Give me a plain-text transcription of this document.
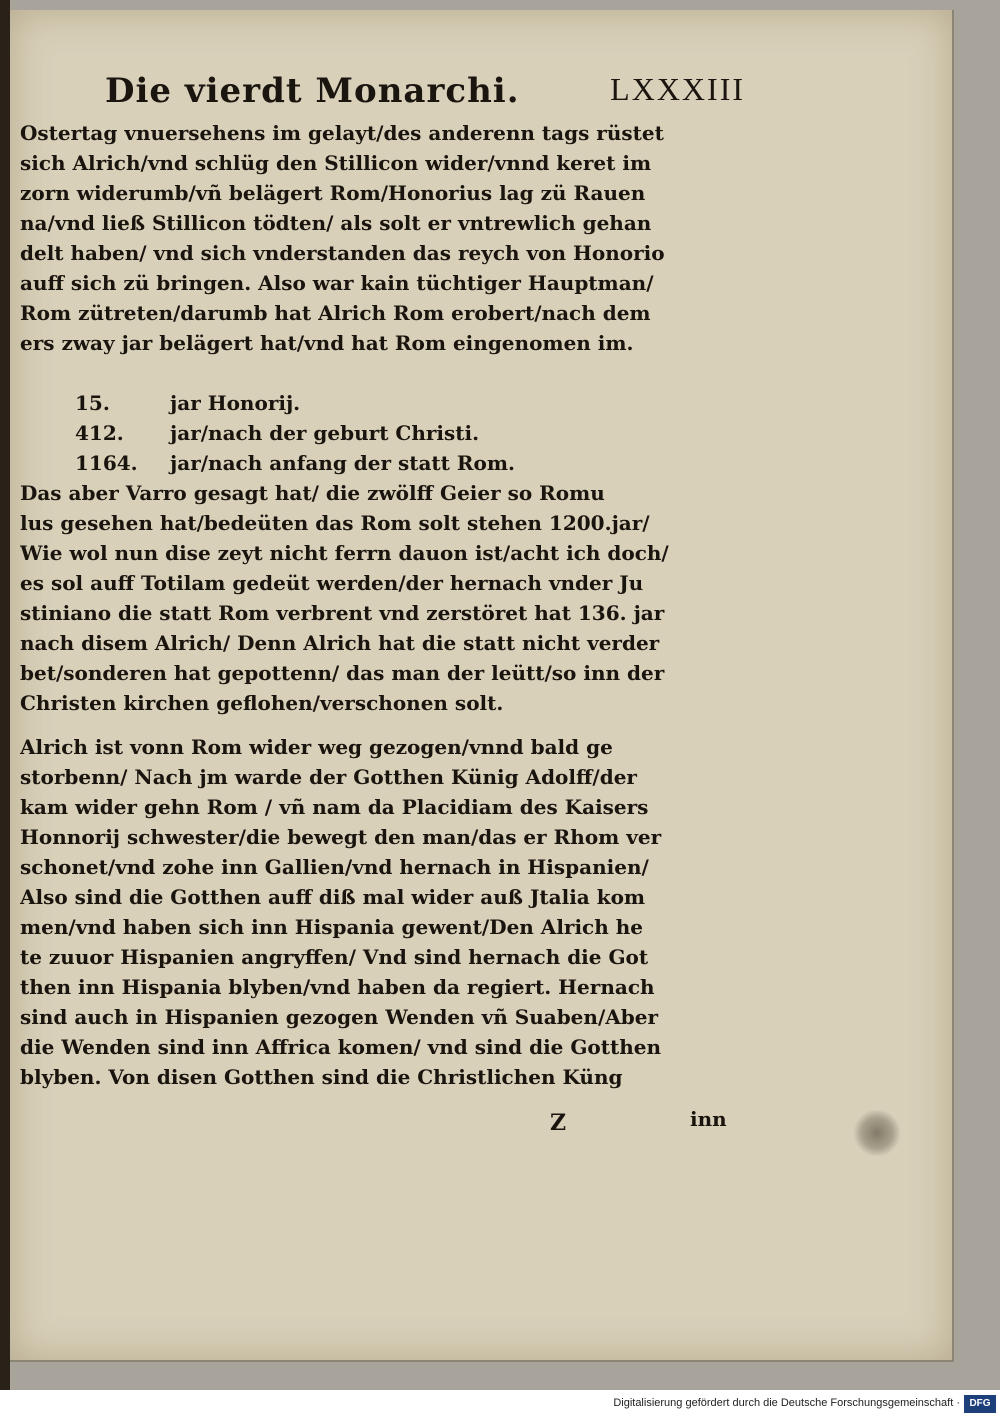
Die vierdt Monarchi.	LXXXIII
Ostertag vnuersehens im gelayt/des anderenn tags rüstet
sich Alrich/vnd schlüg den Stillicon wider/vnnd keret im
zorn widerumb/vñ belägert Rom/Honorius lag zü Rauen
na/vnd ließ Stillicon tödten/ als solt er vntrewlich gehan
delt haben/ vnd sich vnderstanden das reych von Honorio
auff sich zü bringen. Also war kain tüchtiger Hauptman/
Rom zütreten/darumb hat Alrich Rom erobert/nach dem
ers zway jar belägert hat/vnd hat Rom eingenomen im.
15.	jar Honorij.
412.	jar/nach der geburt Christi.
1164.	jar/nach anfang der statt Rom.
Das aber Varro gesagt hat/ die zwölff Geier so Romu
lus gesehen hat/bedeüten das Rom solt stehen 1200.jar/
Wie wol nun dise zeyt nicht ferrn dauon ist/acht ich doch/
es sol auff Totilam gedeüt werden/der hernach vnder Ju
stiniano die statt Rom verbrent vnd zerstöret hat 136. jar
nach disem Alrich/ Denn Alrich hat die statt nicht verder
bet/sonderen hat gepottenn/ das man der leütt/so inn der
Christen kirchen geflohen/verschonen solt.
Alrich ist vonn Rom wider weg gezogen/vnnd bald ge
storbenn/ Nach jm warde der Gotthen Künig Adolff/der
kam wider gehn Rom / vñ nam da Placidiam des Kaisers
Honnorij schwester/die bewegt den man/das er Rhom ver
schonet/vnd zohe inn Gallien/vnd hernach in Hispanien/
Also sind die Gotthen auff diß mal wider auß Jtalia kom
men/vnd haben sich inn Hispania gewent/Den Alrich he
te zuuor Hispanien angryffen/ Vnd sind hernach die Got
then inn Hispania blyben/vnd haben da regiert. Hernach
sind auch in Hispanien gezogen Wenden vñ Suaben/Aber
die Wenden sind inn Affrica komen/ vnd sind die Gotthen
blyben. Von disen Gotthen sind die Christlichen Küng
Z	inn
Digitalisierung gefördert durch die Deutsche Forschungsgemeinschaft · DFG
